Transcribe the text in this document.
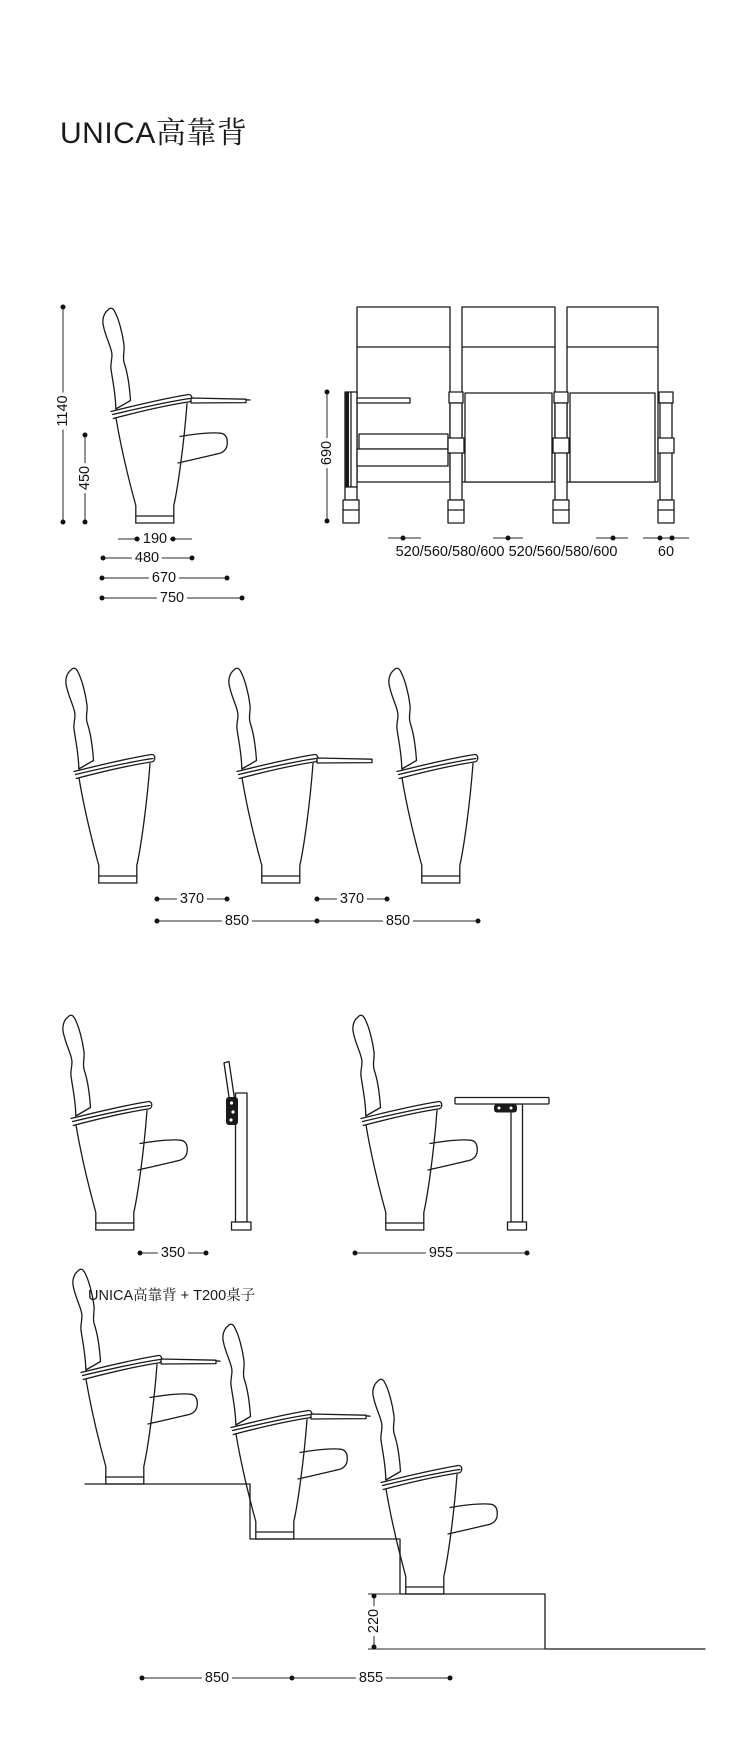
UNICA高靠背
1140
450
190
480
670
750
690
520/560/580/600 520/560/580/600	60
370	370
850	850
350	955
UNICA高靠背 + T200桌子
220
850	855
